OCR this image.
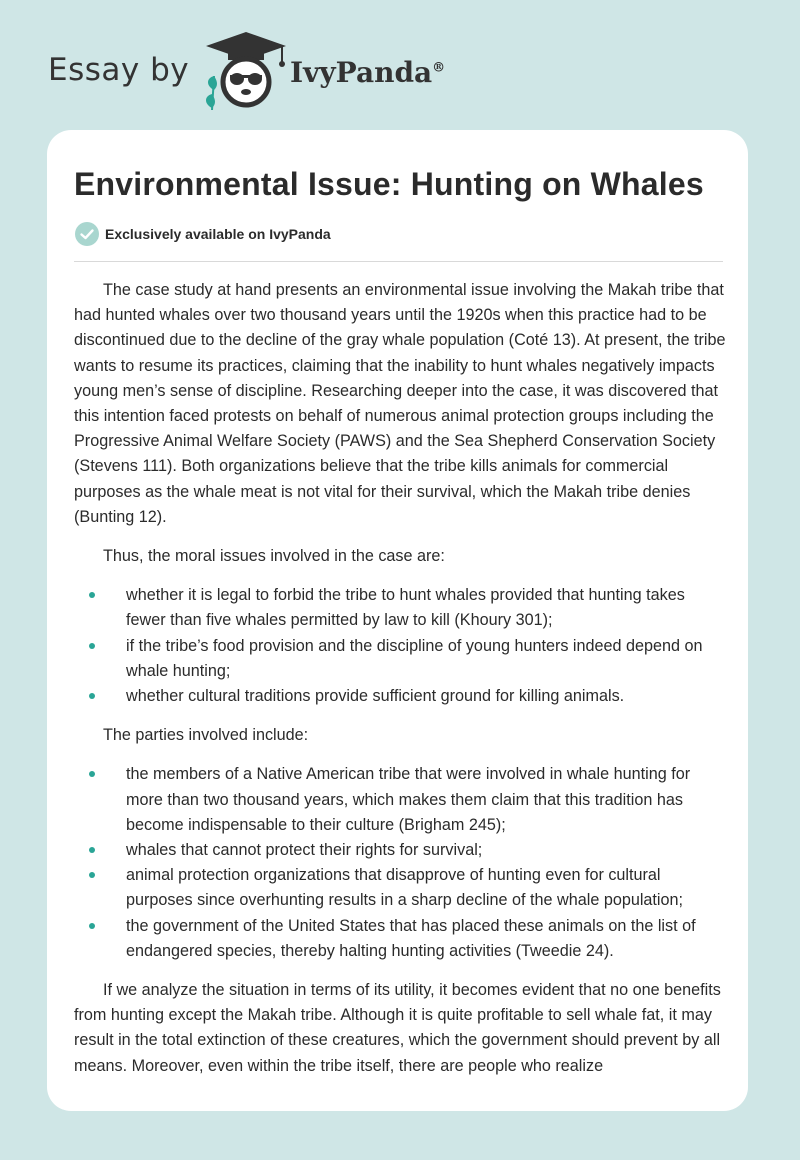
Essay by	IvyPanda®
Environmental Issue: Hunting on Whales
Exclusively available on IvyPanda

The case study at hand presents an environmental issue involving the Makah tribe that had hunted whales over two thousand years until the 1920s when this practice had to be discontinued due to the decline of the gray whale population (Coté 13). At present, the tribe wants to resume its practices, claiming that the inability to hunt whales negatively impacts young men’s sense of discipline. Researching deeper into the case, it was discovered that this intention faced protests on behalf of numerous animal protection groups including the Progressive Animal Welfare Society (PAWS) and the Sea Shepherd Conservation Society (Stevens 111). Both organizations believe that the tribe kills animals for commercial purposes as the whale meat is not vital for their survival, which the Makah tribe denies (Bunting 12).

Thus, the moral issues involved in the case are:

whether it is legal to forbid the tribe to hunt whales provided that hunting takes fewer than five whales permitted by law to kill (Khoury 301);
if the tribe’s food provision and the discipline of young hunters indeed depend on whale hunting;
whether cultural traditions provide sufficient ground for killing animals.

The parties involved include:

the members of a Native American tribe that were involved in whale hunting for more than two thousand years, which makes them claim that this tradition has become indispensable to their culture (Brigham 245);
whales that cannot protect their rights for survival;
animal protection organizations that disapprove of hunting even for cultural purposes since overhunting results in a sharp decline of the whale population;
the government of the United States that has placed these animals on the list of endangered species, thereby halting hunting activities (Tweedie 24).

If we analyze the situation in terms of its utility, it becomes evident that no one benefits from hunting except the Makah tribe. Although it is quite profitable to sell whale fat, it may result in the total extinction of these creatures, which the government should prevent by all means. Moreover, even within the tribe itself, there are people who realize
